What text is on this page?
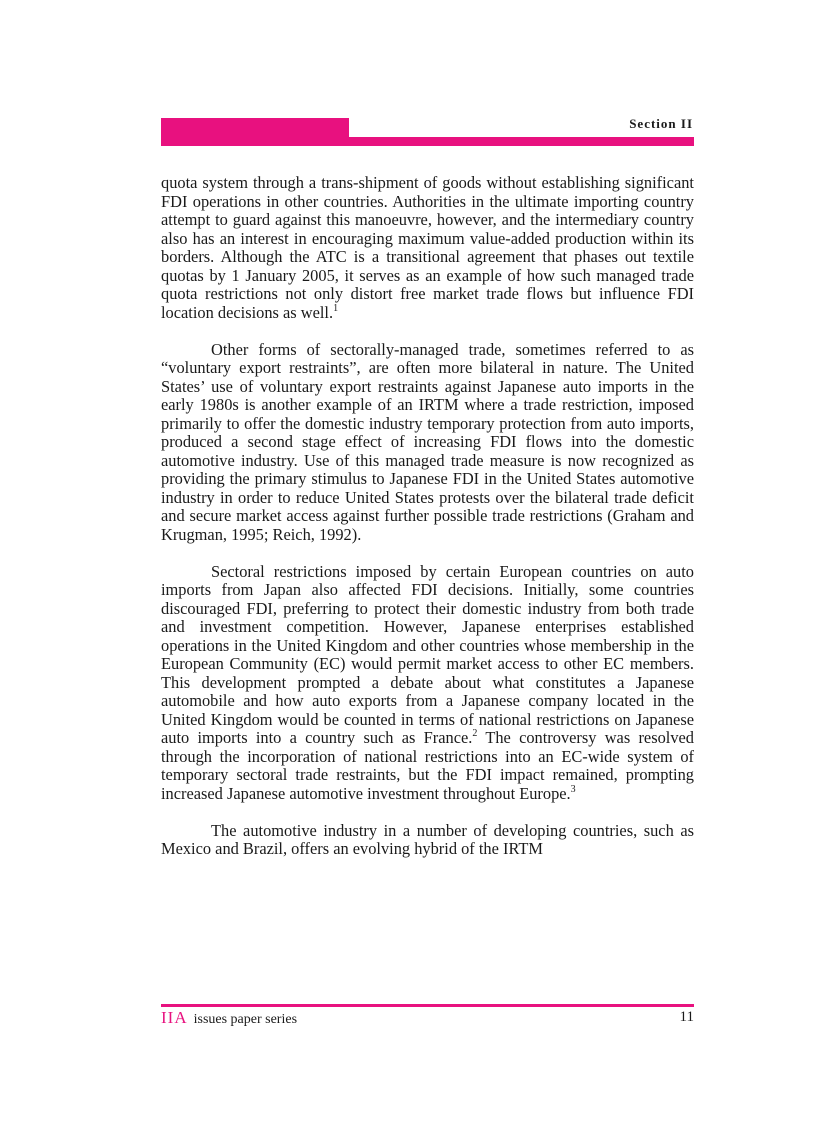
Section II

quota system through a trans-shipment of goods without establishing significant FDI operations in other countries. Authorities in the ultimate importing country attempt to guard against this manoeuvre, however, and the intermediary country also has an interest in encouraging maximum value-added production within its borders. Although the ATC is a transitional agreement that phases out textile quotas by 1 January 2005, it serves as an example of how such managed trade quota restrictions not only distort free market trade flows but influence FDI location decisions as well.$^1$

Other forms of sectorally-managed trade, sometimes referred to as “voluntary export restraints”, are often more bilateral in nature. The United States’ use of voluntary export restraints against Japanese auto imports in the early 1980s is another example of an IRTM where a trade restriction, imposed primarily to offer the domestic industry temporary protection from auto imports, produced a second stage effect of increasing FDI flows into the domestic automotive industry. Use of this managed trade measure is now recognized as providing the primary stimulus to Japanese FDI in the United States automotive industry in order to reduce United States protests over the bilateral trade deficit and secure market access against further possible trade restrictions (Graham and Krugman, 1995; Reich, 1992).

Sectoral restrictions imposed by certain European countries on auto imports from Japan also affected FDI decisions. Initially, some countries discouraged FDI, preferring to protect their domestic industry from both trade and investment competition. However, Japanese enterprises established operations in the United Kingdom and other countries whose membership in the European Community (EC) would permit market access to other EC members. This development prompted a debate about what constitutes a Japanese automobile and how auto exports from a Japanese company located in the United Kingdom would be counted in terms of national restrictions on Japanese auto imports into a country such as France.$^2$ The controversy was resolved through the incorporation of national restrictions into an EC-wide system of temporary sectoral trade restraints, but the FDI impact remained, prompting increased Japanese automotive investment throughout Europe.$^3$

The automotive industry in a number of developing countries, such as Mexico and Brazil, offers an evolving hybrid of the IRTM

IIA issues paper series	11
